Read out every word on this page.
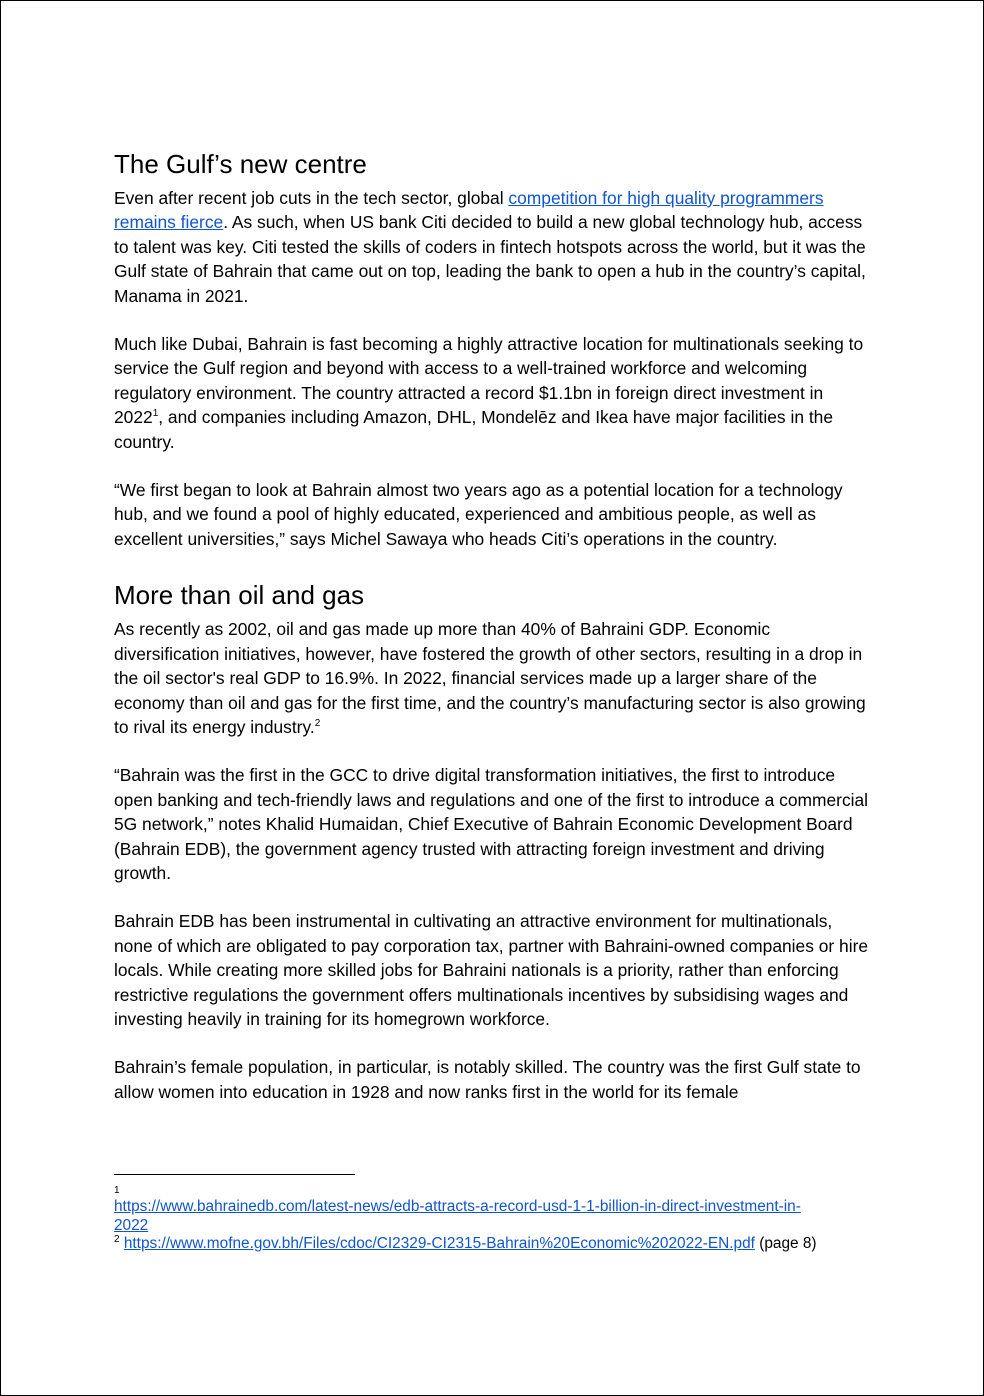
The Gulf’s new centre

Even after recent job cuts in the tech sector, global competition for high quality programmers
remains fierce. As such, when US bank Citi decided to build a new global technology hub, access to talent was key. Citi tested the skills of coders in fintech hotspots across the world, but it was the Gulf state of Bahrain that came out on top, leading the bank to open a hub in the country’s capital, Manama in 2021.

Much like Dubai, Bahrain is fast becoming a highly attractive location for multinationals seeking to service the Gulf region and beyond with access to a well-trained workforce and welcoming regulatory environment. The country attracted a record $1.1bn in foreign direct investment in 2022$^1$, and companies including Amazon, DHL, Mondelēz and Ikea have major facilities in the country.

“We first began to look at Bahrain almost two years ago as a potential location for a technology hub, and we found a pool of highly educated, experienced and ambitious people, as well as excellent universities,” says Michel Sawaya who heads Citi’s operations in the country.

More than oil and gas

As recently as 2002, oil and gas made up more than 40% of Bahraini GDP. Economic diversification initiatives, however, have fostered the growth of other sectors, resulting in a drop in the oil sector's real GDP to 16.9%. In 2022, financial services made up a larger share of the economy than oil and gas for the first time, and the country’s manufacturing sector is also growing to rival its energy industry.$^2$

“Bahrain was the first in the GCC to drive digital transformation initiatives, the first to introduce open banking and tech-friendly laws and regulations and one of the first to introduce a commercial 5G network,” notes Khalid Humaidan, Chief Executive of Bahrain Economic Development Board (Bahrain EDB), the government agency trusted with attracting foreign investment and driving growth.

Bahrain EDB has been instrumental in cultivating an attractive environment for multinationals, none of which are obligated to pay corporation tax, partner with Bahraini-owned companies or hire locals. While creating more skilled jobs for Bahraini nationals is a priority, rather than enforcing restrictive regulations the government offers multinationals incentives by subsidising wages and investing heavily in training for its homegrown workforce.

Bahrain’s female population, in particular, is notably skilled. The country was the first Gulf state to allow women into education in 1928 and now ranks first in the world for its female

1
https://www.bahrainedb.com/latest-news/edb-attracts-a-record-usd-1-1-billion-in-direct-investment-in-
2022
$^2$ https://www.mofne.gov.bh/Files/cdoc/CI2329-CI2315-Bahrain%20Economic%202022-EN.pdf (page 8)
